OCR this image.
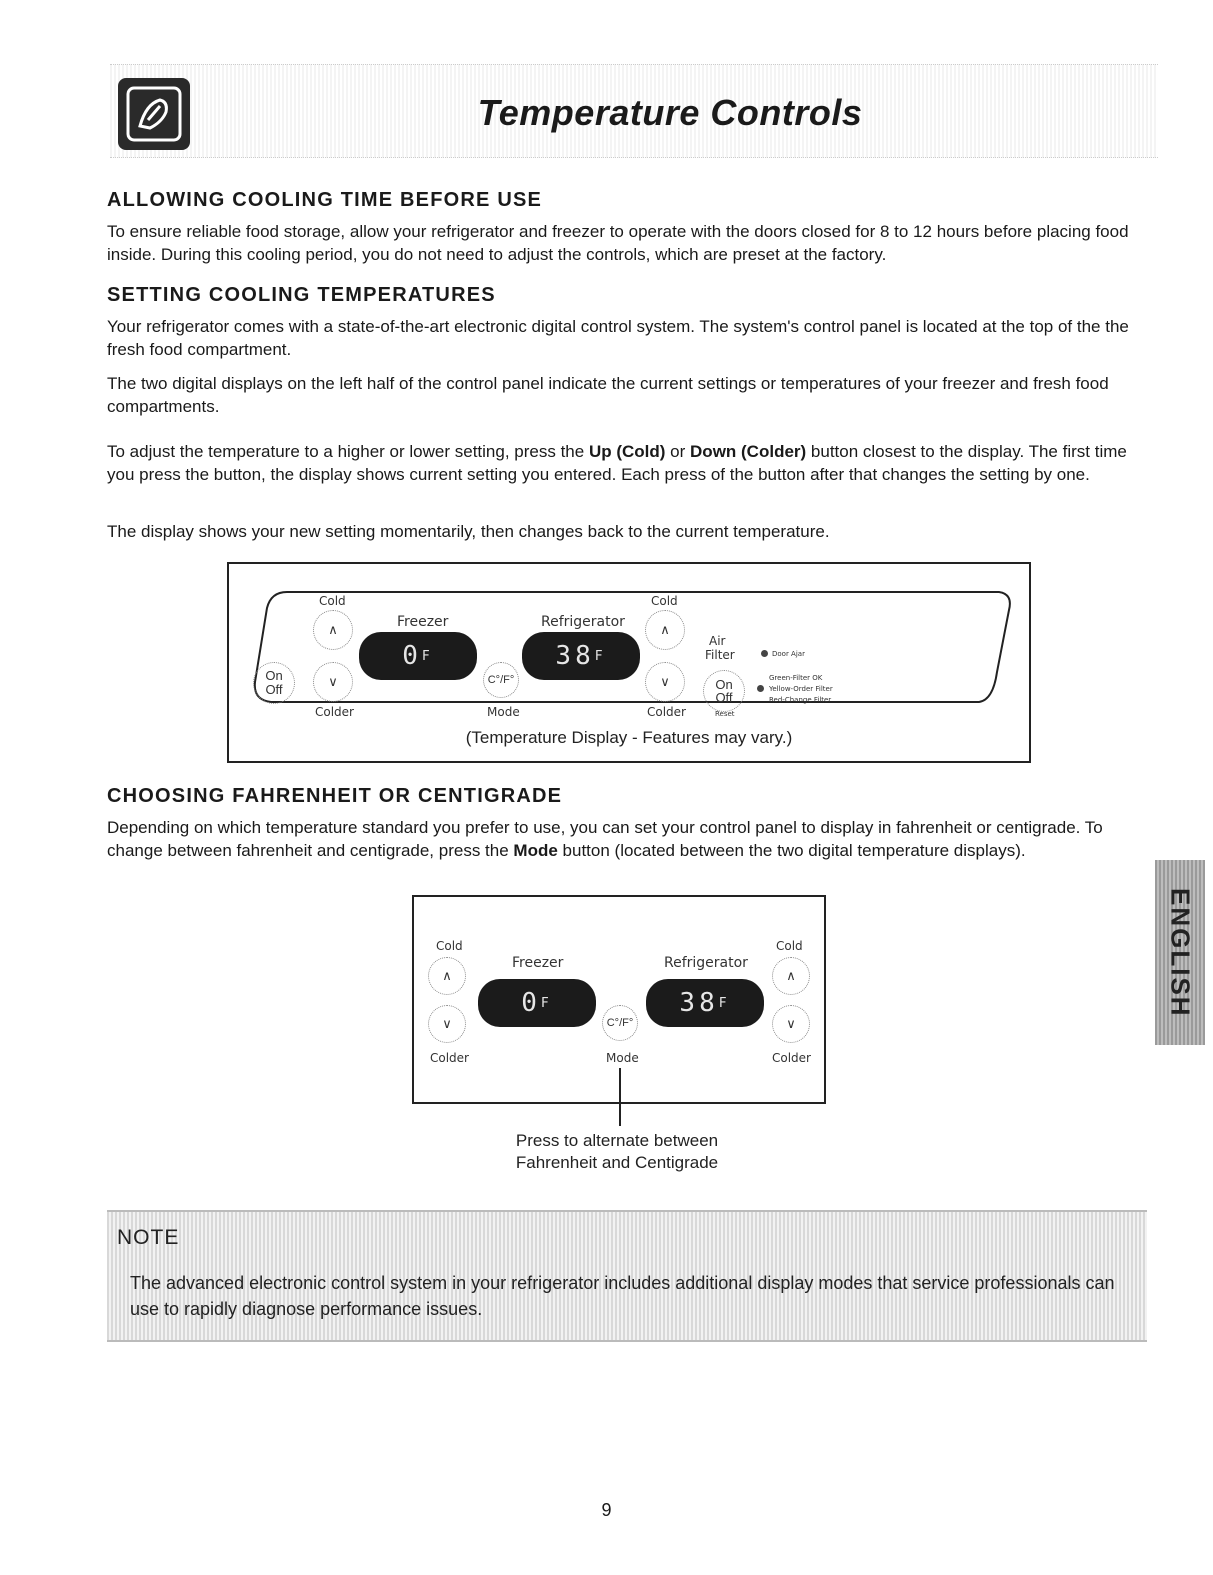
Temperature Controls
ALLOWING COOLING TIME BEFORE USE

To ensure reliable food storage, allow your refrigerator and freezer to operate with the doors closed for 8 to 12 hours before placing food inside. During this cooling period, you do not need to adjust the controls, which are preset at the factory.

SETTING COOLING TEMPERATURES

Your refrigerator comes with a state-of-the-art electronic digital control system. The system's control panel is located at the top of the the fresh food compartment.

The two digital displays on the left half of the control panel indicate the current settings or temperatures of your freezer and fresh food compartments.

To adjust the temperature to a higher or lower setting, press the Up (Cold) or Down (Colder) button closest to the display. The first time you press the button, the display shows current setting you entered. Each press of the button after that changes the setting by one.

The display shows your new setting momentarily, then changes back to the current temperature.

Cold	Cold
Freezer	Refrigerator
∧
∨
∧
∨
On
Off
0 F	38 F
C°/F°
Air
Filter	Door Ajar
On
Off
Reset
Green-Filter OK
Yellow-Order Filter
Red-Change Filter
Colder	Mode	Colder
(Temperature Display - Features may vary.)
CHOOSING FAHRENHEIT OR CENTIGRADE

Depending on which temperature standard you prefer to use, you can set your control panel to display in fahrenheit or centigrade. To change between fahrenheit and centigrade, press the Mode button (located between the two digital temperature displays).

Cold	Cold
Freezer	Refrigerator
∧
∨
∧
∨
0 F	38 F
C°/F°
Colder	Mode	Colder
Press to alternate between
Fahrenheit and Centigrade
NOTE
The advanced electronic control system in your refrigerator includes additional display modes that service professionals can use to rapidly diagnose performance issues.
ENGLISH
9
